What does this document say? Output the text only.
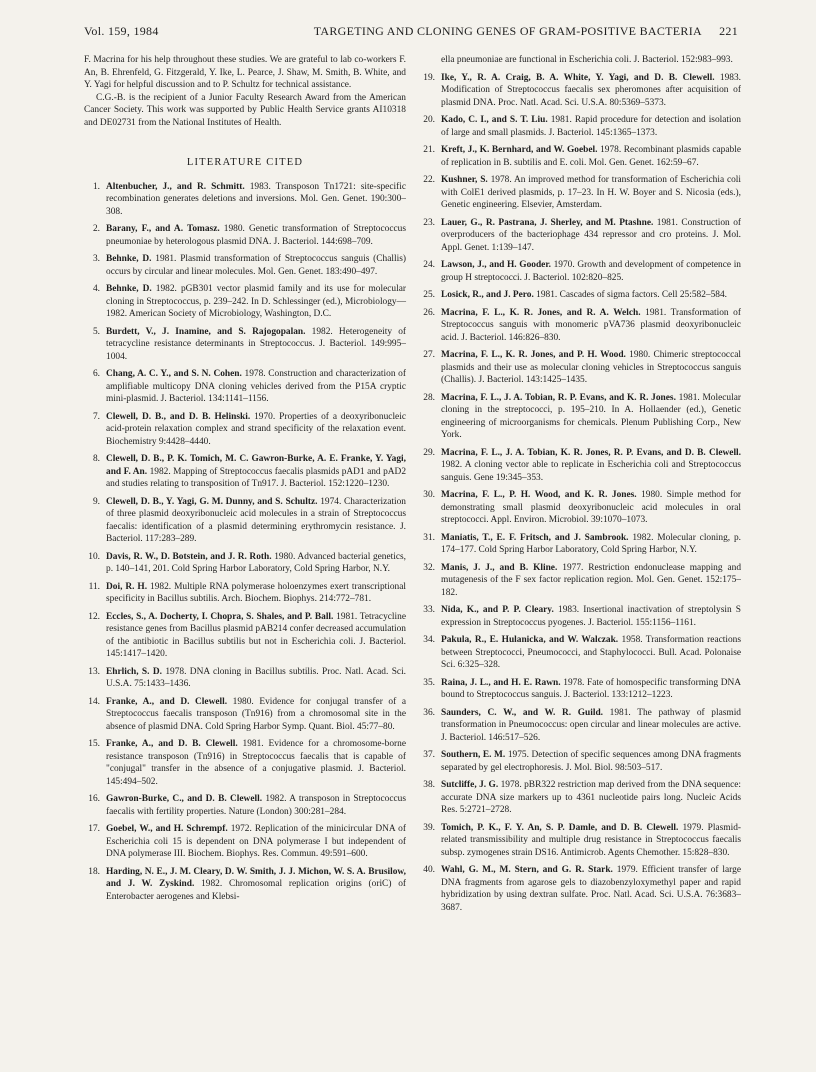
Vol. 159, 1984	TARGETING AND CLONING GENES OF GRAM-POSITIVE BACTERIA 221

F. Macrina for his help throughout these studies. We are grateful to lab co-workers F. An, B. Ehrenfeld, G. Fitzgerald, Y. Ike, L. Pearce, J. Shaw, M. Smith, B. White, and Y. Yagi for helpful discussion and to P. Schultz for technical assistance.

C.G.-B. is the recipient of a Junior Faculty Research Award from the American Cancer Society. This work was supported by Public Health Service grants AI10318 and DE02731 from the National Institutes of Health.

LITERATURE CITED
1. Altenbucher, J., and R. Schmitt. 1983. Transposon Tn1721: site-specific recombination generates deletions and inversions. Mol. Gen. Genet. 190:300–308.
2. Barany, F., and A. Tomasz. 1980. Genetic transformation of Streptococcus pneumoniae by heterologous plasmid DNA. J. Bacteriol. 144:698–709.
3. Behnke, D. 1981. Plasmid transformation of Streptococcus sanguis (Challis) occurs by circular and linear molecules. Mol. Gen. Genet. 183:490–497.
4. Behnke, D. 1982. pGB301 vector plasmid family and its use for molecular cloning in Streptococcus, p. 239–242. In D. Schlessinger (ed.), Microbiology—1982. American Society of Microbiology, Washington, D.C.
5. Burdett, V., J. Inamine, and S. Rajogopalan. 1982. Heterogeneity of tetracycline resistance determinants in Streptococcus. J. Bacteriol. 149:995–1004.
6. Chang, A. C. Y., and S. N. Cohen. 1978. Construction and characterization of amplifiable multicopy DNA cloning vehicles derived from the P15A cryptic mini-plasmid. J. Bacteriol. 134:1141–1156.
7. Clewell, D. B., and D. B. Helinski. 1970. Properties of a deoxyribonucleic acid-protein relaxation complex and strand specificity of the relaxation event. Biochemistry 9:4428–4440.
8. Clewell, D. B., P. K. Tomich, M. C. Gawron-Burke, A. E. Franke, Y. Yagi, and F. An. 1982. Mapping of Streptococcus faecalis plasmids pAD1 and pAD2 and studies relating to transposition of Tn917. J. Bacteriol. 152:1220–1230.
9. Clewell, D. B., Y. Yagi, G. M. Dunny, and S. Schultz. 1974. Characterization of three plasmid deoxyribonucleic acid molecules in a strain of Streptococcus faecalis: identification of a plasmid determining erythromycin resistance. J. Bacteriol. 117:283–289.
10. Davis, R. W., D. Botstein, and J. R. Roth. 1980. Advanced bacterial genetics, p. 140–141, 201. Cold Spring Harbor Laboratory, Cold Spring Harbor, N.Y.
11. Doi, R. H. 1982. Multiple RNA polymerase holoenzymes exert transcriptional specificity in Bacillus subtilis. Arch. Biochem. Biophys. 214:772–781.
12. Eccles, S., A. Docherty, I. Chopra, S. Shales, and P. Ball. 1981. Tetracycline resistance genes from Bacillus plasmid pAB214 confer decreased accumulation of the antibiotic in Bacillus subtilis but not in Escherichia coli. J. Bacteriol. 145:1417–1420.
13. Ehrlich, S. D. 1978. DNA cloning in Bacillus subtilis. Proc. Natl. Acad. Sci. U.S.A. 75:1433–1436.
14. Franke, A., and D. Clewell. 1980. Evidence for conjugal transfer of a Streptococcus faecalis transposon (Tn916) from a chromosomal site in the absence of plasmid DNA. Cold Spring Harbor Symp. Quant. Biol. 45:77–80.
15. Franke, A., and D. B. Clewell. 1981. Evidence for a chromosome-borne resistance transposon (Tn916) in Streptococcus faecalis that is capable of "conjugal" transfer in the absence of a conjugative plasmid. J. Bacteriol. 145:494–502.
16. Gawron-Burke, C., and D. B. Clewell. 1982. A transposon in Streptococcus faecalis with fertility properties. Nature (London) 300:281–284.
17. Goebel, W., and H. Schrempf. 1972. Replication of the minicircular DNA of Escherichia coli 15 is dependent on DNA polymerase I but independent of DNA polymerase III. Biochem. Biophys. Res. Commun. 49:591–600.
18. Harding, N. E., J. M. Cleary, D. W. Smith, J. J. Michon, W. S. A. Brusilow, and J. W. Zyskind. 1982. Chromosomal replication origins (oriC) of Enterobacter aerogenes and Klebsi-
ella pneumoniae are functional in Escherichia coli. J. Bacteriol. 152:983–993.
19. Ike, Y., R. A. Craig, B. A. White, Y. Yagi, and D. B. Clewell. 1983. Modification of Streptococcus faecalis sex pheromones after acquisition of plasmid DNA. Proc. Natl. Acad. Sci. U.S.A. 80:5369–5373.
20. Kado, C. I., and S. T. Liu. 1981. Rapid procedure for detection and isolation of large and small plasmids. J. Bacteriol. 145:1365–1373.
21. Kreft, J., K. Bernhard, and W. Goebel. 1978. Recombinant plasmids capable of replication in B. subtilis and E. coli. Mol. Gen. Genet. 162:59–67.
22. Kushner, S. 1978. An improved method for transformation of Escherichia coli with ColE1 derived plasmids, p. 17–23. In H. W. Boyer and S. Nicosia (eds.), Genetic engineering. Elsevier, Amsterdam.
23. Lauer, G., R. Pastrana, J. Sherley, and M. Ptashne. 1981. Construction of overproducers of the bacteriophage 434 repressor and cro proteins. J. Mol. Appl. Genet. 1:139–147.
24. Lawson, J., and H. Gooder. 1970. Growth and development of competence in group H streptococci. J. Bacteriol. 102:820–825.
25. Losick, R., and J. Pero. 1981. Cascades of sigma factors. Cell 25:582–584.
26. Macrina, F. L., K. R. Jones, and R. A. Welch. 1981. Transformation of Streptococcus sanguis with monomeric pVA736 plasmid deoxyribonucleic acid. J. Bacteriol. 146:826–830.
27. Macrina, F. L., K. R. Jones, and P. H. Wood. 1980. Chimeric streptococcal plasmids and their use as molecular cloning vehicles in Streptococcus sanguis (Challis). J. Bacteriol. 143:1425–1435.
28. Macrina, F. L., J. A. Tobian, R. P. Evans, and K. R. Jones. 1981. Molecular cloning in the streptococci, p. 195–210. In A. Hollaender (ed.), Genetic engineering of microorganisms for chemicals. Plenum Publishing Corp., New York.
29. Macrina, F. L., J. A. Tobian, K. R. Jones, R. P. Evans, and D. B. Clewell. 1982. A cloning vector able to replicate in Escherichia coli and Streptococcus sanguis. Gene 19:345–353.
30. Macrina, F. L., P. H. Wood, and K. R. Jones. 1980. Simple method for demonstrating small plasmid deoxyribonucleic acid molecules in oral streptococci. Appl. Environ. Microbiol. 39:1070–1073.
31. Maniatis, T., E. F. Fritsch, and J. Sambrook. 1982. Molecular cloning, p. 174–177. Cold Spring Harbor Laboratory, Cold Spring Harbor, N.Y.
32. Manis, J. J., and B. Kline. 1977. Restriction endonuclease mapping and mutagenesis of the F sex factor replication region. Mol. Gen. Genet. 152:175–182.
33. Nida, K., and P. P. Cleary. 1983. Insertional inactivation of streptolysin S expression in Streptococcus pyogenes. J. Bacteriol. 155:1156–1161.
34. Pakula, R., E. Hulanicka, and W. Walczak. 1958. Transformation reactions between Streptococci, Pneumococci, and Staphylococci. Bull. Acad. Polonaise Sci. 6:325–328.
35. Raina, J. L., and H. E. Rawn. 1978. Fate of homospecific transforming DNA bound to Streptococcus sanguis. J. Bacteriol. 133:1212–1223.
36. Saunders, C. W., and W. R. Guild. 1981. The pathway of plasmid transformation in Pneumococcus: open circular and linear molecules are active. J. Bacteriol. 146:517–526.
37. Southern, E. M. 1975. Detection of specific sequences among DNA fragments separated by gel electrophoresis. J. Mol. Biol. 98:503–517.
38. Sutcliffe, J. G. 1978. pBR322 restriction map derived from the DNA sequence: accurate DNA size markers up to 4361 nucleotide pairs long. Nucleic Acids Res. 5:2721–2728.
39. Tomich, P. K., F. Y. An, S. P. Damle, and D. B. Clewell. 1979. Plasmid-related transmissibility and multiple drug resistance in Streptococcus faecalis subsp. zymogenes strain DS16. Antimicrob. Agents Chemother. 15:828–830.
40. Wahl, G. M., M. Stern, and G. R. Stark. 1979. Efficient transfer of large DNA fragments from agarose gels to diazobenzyloxymethyl paper and rapid hybridization by using dextran sulfate. Proc. Natl. Acad. Sci. U.S.A. 76:3683–3687.
